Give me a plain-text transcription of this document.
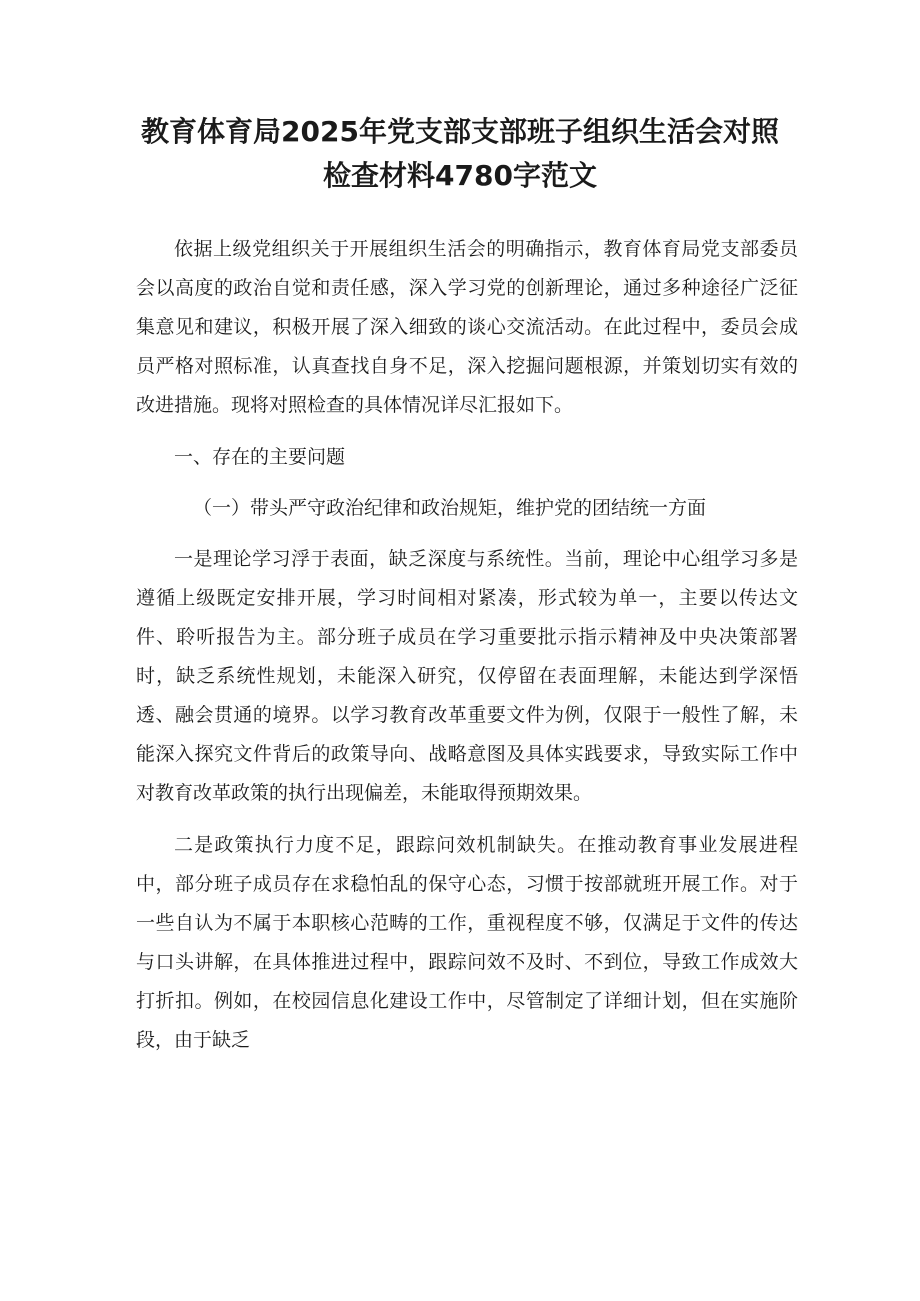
教育体育局2025年党支部支部班子组织生活会对照
检查材料4780字范文

依据上级党组织关于开展组织生活会的明确指示，教育体育局党支部委员会以高度的政治自觉和责任感，深入学习党的创新理论，通过多种途径广泛征集意见和建议，积极开展了深入细致的谈心交流活动。在此过程中，委员会成员严格对照标准，认真查找自身不足，深入挖掘问题根源，并策划切实有效的改进措施。现将对照检查的具体情况详尽汇报如下。

一、存在的主要问题

（一）带头严守政治纪律和政治规矩，维护党的团结统一方面

一是理论学习浮于表面，缺乏深度与系统性。当前，理论中心组学习多是遵循上级既定安排开展，学习时间相对紧凑，形式较为单一，主要以传达文件、聆听报告为主。部分班子成员在学习重要批示指示精神及中央决策部署时，缺乏系统性规划，未能深入研究，仅停留在表面理解，未能达到学深悟透、融会贯通的境界。以学习教育改革重要文件为例，仅限于一般性了解，未能深入探究文件背后的政策导向、战略意图及具体实践要求，导致实际工作中对教育改革政策的执行出现偏差，未能取得预期效果。

二是政策执行力度不足，跟踪问效机制缺失。在推动教育事业发展进程中，部分班子成员存在求稳怕乱的保守心态，习惯于按部就班开展工作。对于一些自认为不属于本职核心范畴的工作，重视程度不够，仅满足于文件的传达与口头讲解，在具体推进过程中，跟踪问效不及时、不到位，导致工作成效大打折扣。例如，在校园信息化建设工作中，尽管制定了详细计划，但在实施阶段，由于缺乏
